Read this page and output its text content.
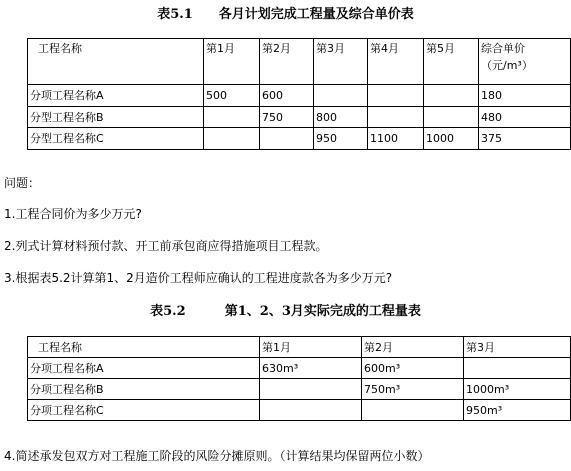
表5.1　　各月计划完成工程量及综合单价表
工程名称	第1月	第2月	第3月	第4月	第5月	综合单价
（元/m³）

分项工程名称A	500	600				180
分型工程名称B		750	800			480
分型工程名称C			950	1100	1000	375
问题：
1.工程合同价为多少万元?
2.列式计算材料预付款、开工前承包商应得措施项目工程款。
3.根据表5.2计算第1、2月造价工程师应确认的工程进度款各为多少万元?
表5.2　　　第1、2、3月实际完成的工程量表
工程名称	第1月	第2月	第3月
分项工程名称A	630m³	600m³	
分项工程名称B		750m³	1000m³
分项工程名称C			950m³
4.简述承发包双方对工程施工阶段的风险分摊原则。（计算结果均保留两位小数）
